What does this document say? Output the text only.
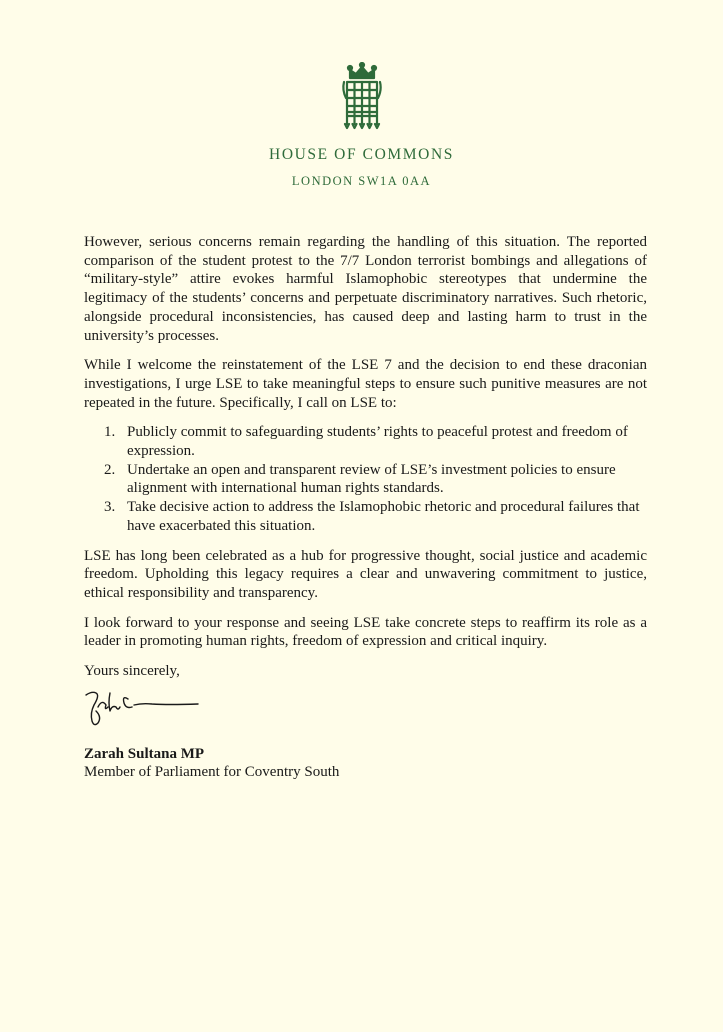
HOUSE OF COMMONS
LONDON SW1A 0AA

However, serious concerns remain regarding the handling of this situation. The reported comparison of the student protest to the 7/7 London terrorist bombings and allegations of “military-style” attire evokes harmful Islamophobic stereotypes that undermine the legitimacy of the students’ concerns and perpetuate discriminatory narratives. Such rhetoric, alongside procedural inconsistencies, has caused deep and lasting harm to trust in the university’s processes.

While I welcome the reinstatement of the LSE 7 and the decision to end these draconian investigations, I urge LSE to take meaningful steps to ensure such punitive measures are not repeated in the future. Specifically, I call on LSE to:

1. Publicly commit to safeguarding students’ rights to peaceful protest and freedom of expression.
2. Undertake an open and transparent review of LSE’s investment policies to ensure alignment with international human rights standards.
3. Take decisive action to address the Islamophobic rhetoric and procedural failures that have exacerbated this situation.

LSE has long been celebrated as a hub for progressive thought, social justice and academic freedom. Upholding this legacy requires a clear and unwavering commitment to justice, ethical responsibility and transparency.

I look forward to your response and seeing LSE take concrete steps to reaffirm its role as a leader in promoting human rights, freedom of expression and critical inquiry.

Yours sincerely,

Zarah Sultana MP

Member of Parliament for Coventry South
